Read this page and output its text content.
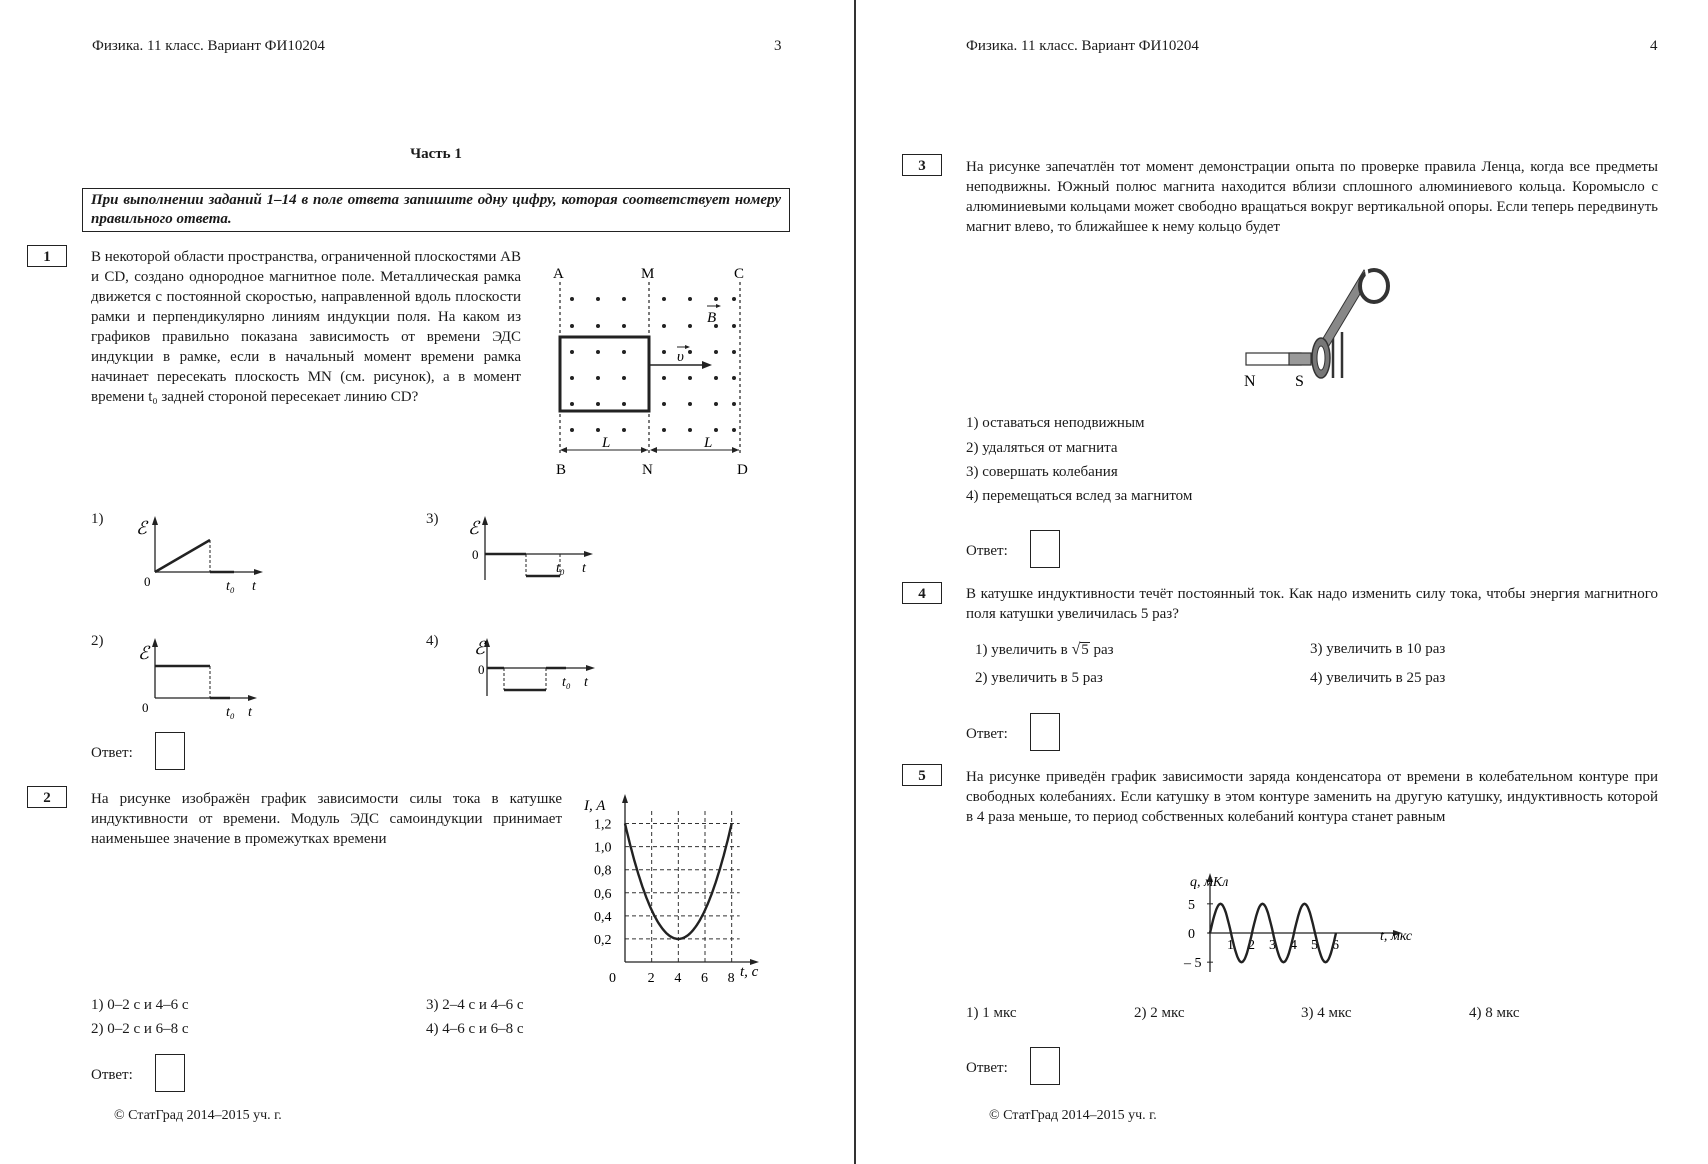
Физика. 11 класс. Вариант ФИ10204	3
Часть 1
При выполнении заданий 1–14 в поле ответа запишите одну цифру, которая соответствует номеру правильного ответа.
1	В некоторой области пространства, ограниченной плоскостями AB и CD, создано однородное магнитное поле. Металлическая рамка движется с постоянной скоростью, направленной вдоль плоскости рамки и перпендикулярно линиям индукции поля. На каком из графиков правильно показана зависимость от времени ЭДС индукции в рамке, если в начальный момент времени рамка начинает пересекать плоскость MN (см. рисунок), а в момент времени t₀ задней стороной пересекает линию CD?
υ
B
L	L
A	M	C
B	N	D
1) ℰ
0	t₀ t
3) ℰ
0
t₀ t
2)
ℰ
0	t₀ t
4) ℰ
0
t₀ t
Ответ:
2	На рисунке изображён график зависимости силы тока в катушке индуктивности от времени. Модуль ЭДС самоиндукции принимает наименьшее значение в промежутках времени
0 2 4 6 8
0,2
0,4
0,6
0,8
1,0
1,2
I, A
t, с
1) 0–2 с и 4–6 с
2) 0–2 с и 6–8 с
3) 2–4 с и 4–6 с
4) 4–6 с и 6–8 с
Ответ:
© СтатГрад 2014–2015 уч. г.
Физика. 11 класс. Вариант ФИ10204	4
3	На рисунке запечатлён тот момент демонстрации опыта по проверке правила Ленца, когда все предметы неподвижны. Южный полюс магнита находится вблизи сплошного алюминиевого кольца. Коромысло с алюминиевыми кольцами может свободно вращаться вокруг вертикальной опоры. Если теперь передвинуть магнит влево, то ближайшее к нему кольцо будет
N S
1) оставаться неподвижным
2) удаляться от магнита
3) совершать колебания
4) перемещаться вслед за магнитом
Ответ:
4	В катушке индуктивности течёт постоянный ток. Как надо изменить силу тока, чтобы энергия магнитного поля катушки увеличилась 5 раз?
1) увеличить в √5 раз
2) увеличить в 5 раз
3) увеличить в 10 раз
4) увеличить в 25 раз
Ответ:
5	На рисунке приведён график зависимости заряда конденсатора от времени в колебательном контуре при свободных колебаниях. Если катушку в этом контуре заменить на другую катушку, индуктивность которой в 4 раза меньше, то период собственных колебаний контура станет равным
1 2 3 4 5 6
5
0
– 5
q, мКл
t, мкс
1) 1 мкс	2) 2 мкс	3) 4 мкс	4) 8 мкс
Ответ:
© СтатГрад 2014–2015 уч. г.
